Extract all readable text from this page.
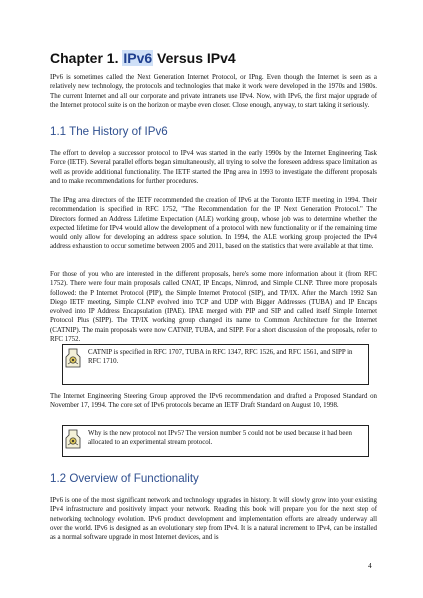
Chapter 1. IPv6 Versus IPv4

IPv6 is sometimes called the Next Generation Internet Protocol, or IPng. Even though the Internet is seen as a relatively new technology, the protocols and technologies that make it work were developed in the 1970s and 1980s. The current Internet and all our corporate and private intranets use IPv4. Now, with IPv6, the first major upgrade of the Internet protocol suite is on the horizon or maybe even closer. Close enough, anyway, to start taking it seriously.

1.1 The History of IPv6

The effort to develop a successor protocol to IPv4 was started in the early 1990s by the Internet Engineering Task Force (IETF). Several parallel efforts began simultaneously, all trying to solve the foreseen address space limitation as well as provide additional functionality. The IETF started the IPng area in 1993 to investigate the different proposals and to make recommendations for further procedures.

The IPng area directors of the IETF recommended the creation of IPv6 at the Toronto IETF meeting in 1994. Their recommendation is specified in RFC 1752, "The Recommendation for the IP Next Generation Protocol." The Directors formed an Address Lifetime Expectation (ALE) working group, whose job was to determine whether the expected lifetime for IPv4 would allow the development of a protocol with new functionality or if the remaining time would only allow for developing an address space solution. In 1994, the ALE working group projected the IPv4 address exhaustion to occur sometime between 2005 and 2011, based on the statistics that were available at that time.

For those of you who are interested in the different proposals, here's some more information about it (from RFC 1752). There were four main proposals called CNAT, IP Encaps, Nimrod, and Simple CLNP. Three more proposals followed: the P Internet Protocol (PIP), the Simple Internet Protocol (SIP), and TP/IX. After the March 1992 San Diego IETF meeting, Simple CLNP evolved into TCP and UDP with Bigger Addresses (TUBA) and IP Encaps evolved into IP Address Encapsulation (IPAE). IPAE merged with PIP and SIP and called itself Simple Internet Protocol Plus (SIPP). The TP/IX working group changed its name to Common Architecture for the Internet (CATNIP). The main proposals were now CATNIP, TUBA, and SIPP. For a short discussion of the proposals, refer to RFC 1752.

CATNIP is specified in RFC 1707, TUBA in RFC 1347, RFC 1526, and RFC 1561, and SIPP in RFC 1710.

The Internet Engineering Steering Group approved the IPv6 recommendation and drafted a Proposed Standard on November 17, 1994. The core set of IPv6 protocols became an IETF Draft Standard on August 10, 1998.

Why is the new protocol not IPv5? The version number 5 could not be used because it had been allocated to an experimental stream protocol.

1.2 Overview of Functionality

IPv6 is one of the most significant network and technology upgrades in history. It will slowly grow into your existing IPv4 infrastructure and positively impact your network. Reading this book will prepare you for the next step of networking technology evolution. IPv6 product development and implementation efforts are already underway all over the world. IPv6 is designed as an evolutionary step from IPv4. It is a natural increment to IPv4, can be installed as a normal software upgrade in most Internet devices, and is

4
